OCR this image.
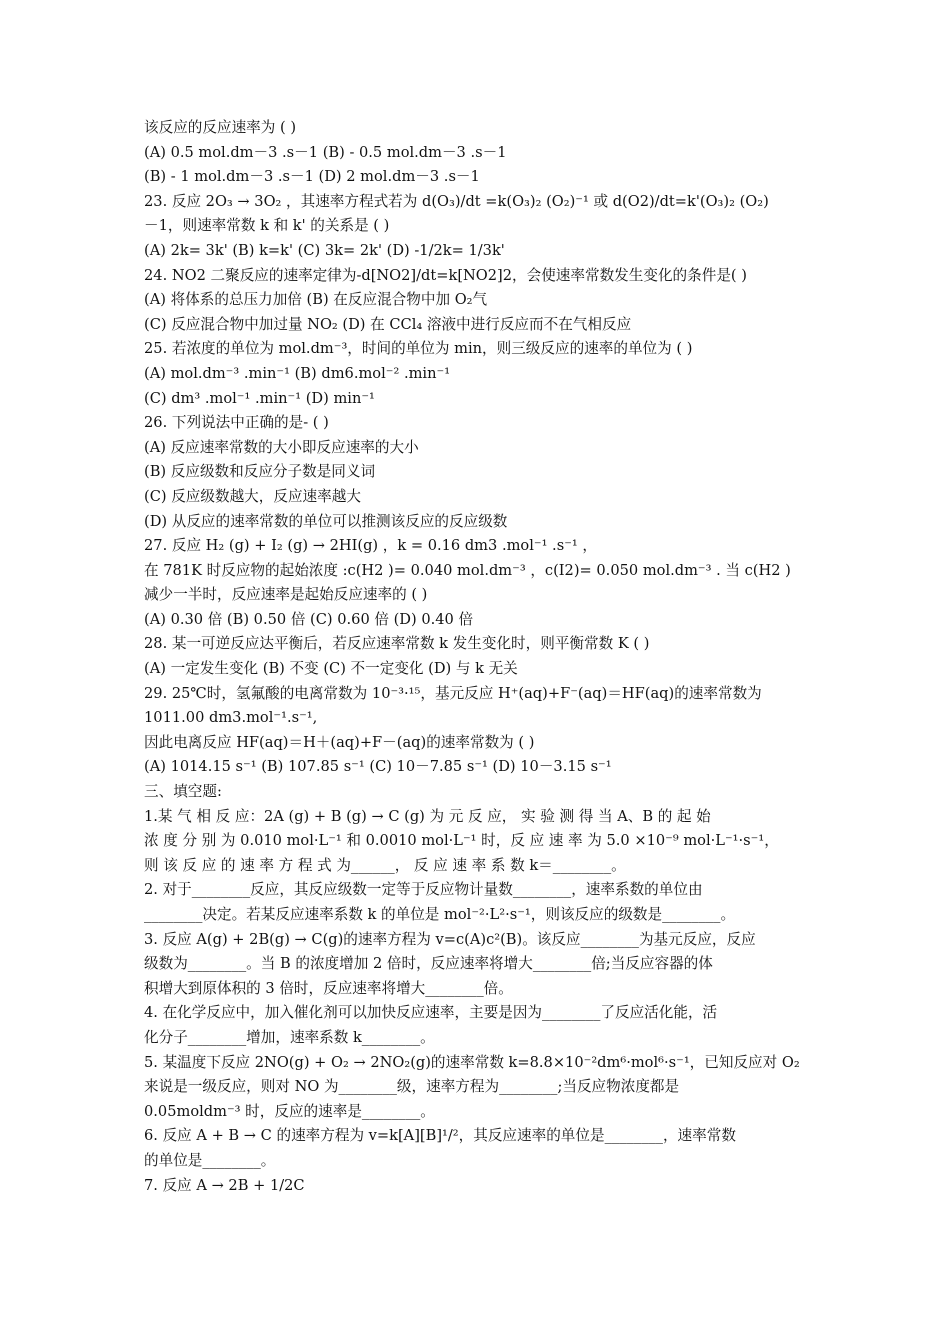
该反应的反应速率为 ( )
(A) 0.5 mol.dm－3 .s－1 (B) - 0.5 mol.dm－3 .s－1
(B) - 1 mol.dm－3 .s－1 (D) 2 mol.dm－3 .s－1
23. 反应 2O₃ → 3O₂ ，其速率方程式若为 d(O₃)/dt =k(O₃)₂ (O₂)⁻¹ 或 d(O2)/dt=k'(O₃)₂ (O₂)
－1，则速率常数 k 和 k' 的关系是 ( )
(A) 2k= 3k' (B) k=k' (C) 3k= 2k' (D) -1/2k= 1/3k'
24. NO2 二聚反应的速率定律为-d[NO2]/dt=k[NO2]2，会使速率常数发生变化的条件是( )
(A) 将体系的总压力加倍 (B) 在反应混合物中加 O₂气
(C) 反应混合物中加过量 NO₂ (D) 在 CCl₄ 溶液中进行反应而不在气相反应
25. 若浓度的单位为 mol.dm⁻³，时间的单位为 min，则三级反应的速率的单位为 ( )
(A) mol.dm⁻³ .min⁻¹ (B) dm6.mol⁻² .min⁻¹
(C) dm³ .mol⁻¹ .min⁻¹ (D) min⁻¹
26. 下列说法中正确的是- ( )
(A) 反应速率常数的大小即反应速率的大小
(B) 反应级数和反应分子数是同义词
(C) 反应级数越大，反应速率越大
(D) 从反应的速率常数的单位可以推测该反应的反应级数
27. 反应 H₂ (g) + I₂ (g) → 2HI(g) ，k = 0.16 dm3 .mol⁻¹ .s⁻¹ ，
在 781K 时反应物的起始浓度 :c(H2 )= 0.040 mol.dm⁻³ ，c(I2)= 0.050 mol.dm⁻³ . 当 c(H2 )
减少一半时，反应速率是起始反应速率的 ( )
(A) 0.30 倍 (B) 0.50 倍 (C) 0.60 倍 (D) 0.40 倍
28. 某一可逆反应达平衡后，若反应速率常数 k 发生变化时，则平衡常数 K ( )
(A) 一定发生变化 (B) 不变 (C) 不一定变化 (D) 与 k 无关
29. 25℃时，氢氟酸的电离常数为 10⁻³·¹⁵，基元反应 H⁺(aq)+F⁻(aq)＝HF(aq)的速率常数为
1011.00 dm3.mol⁻¹.s⁻¹,
因此电离反应 HF(aq)＝H＋(aq)+F－(aq)的速率常数为 ( )
(A) 1014.15 s⁻¹ (B) 107.85 s⁻¹ (C) 10－7.85 s⁻¹ (D) 10－3.15 s⁻¹
三、填空题:
1.某 气 相 反 应：2A (g) + B (g) → C (g) 为 元 反 应， 实 验 测 得 当 A、B 的 起 始
浓 度 分 别 为 0.010 mol·L⁻¹ 和 0.0010 mol·L⁻¹ 时，反 应 速 率 为 5.0 ×10⁻⁹ mol·L⁻¹·s⁻¹，
则 该 反 应 的 速 率 方 程 式 为______， 反 应 速 率 系 数 k＝________。
2. 对于________反应，其反应级数一定等于反应物计量数________，速率系数的单位由
________决定。若某反应速率系数 k 的单位是 mol⁻²·L²·s⁻¹，则该反应的级数是________。
3. 反应 A(g) + 2B(g) → C(g)的速率方程为 v=c(A)c²(B)。该反应________为基元反应，反应
级数为________。当 B 的浓度增加 2 倍时，反应速率将增大________倍;当反应容器的体
积增大到原体积的 3 倍时，反应速率将增大________倍。
4. 在化学反应中，加入催化剂可以加快反应速率，主要是因为________了反应活化能，活
化分子________增加，速率系数 k________。
5. 某温度下反应 2NO(g) + O₂ → 2NO₂(g)的速率常数 k=8.8×10⁻²dm⁶·mol⁶·s⁻¹，已知反应对 O₂
来说是一级反应，则对 NO 为________级，速率方程为________;当反应物浓度都是
0.05moldm⁻³ 时，反应的速率是________。
6. 反应 A + B → C 的速率方程为 v=k[A][B]¹/²，其反应速率的单位是________，速率常数
的单位是________。
7. 反应 A → 2B + 1/2C
